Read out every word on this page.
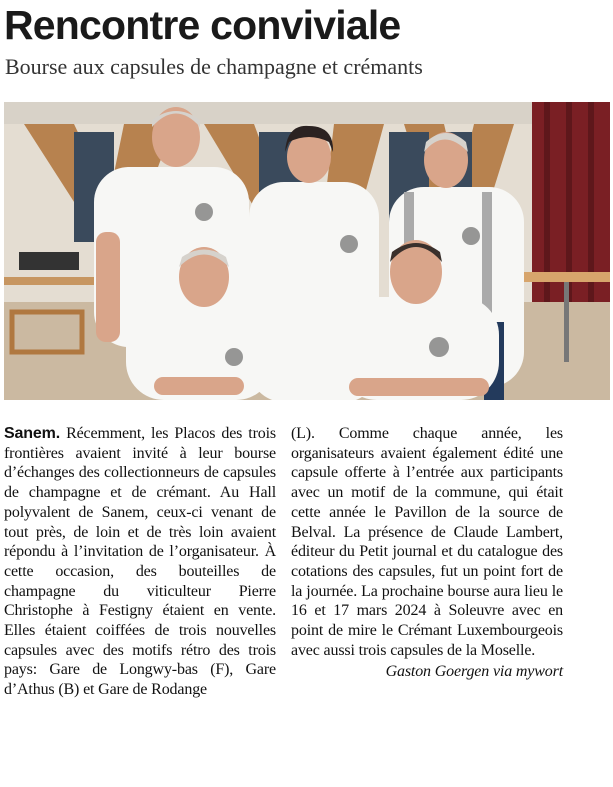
Rencontre conviviale
Bourse aux capsules de champagne et crémants
Sanem. Récemment, les Placos des trois frontières avaient invité à leur bourse d’échanges des collectionneurs de capsules de champagne et de crémant. Au Hall polyvalent de Sanem, ceux-ci venant de tout près, de loin et de très loin avaient répondu à l’invitation de l’organisateur. À cette occasion, des bouteilles de champagne du viticulteur Pierre Christophe à Festigny étaient en vente. Elles étaient coiffées de trois nouvelles capsules avec des motifs rétro des trois pays: Gare de Longwy-bas (F), Gare d’Athus (B) et Gare de Rodange
(L). Comme chaque année, les organisateurs avaient également édité une capsule offerte à l’entrée aux participants avec un motif de la commune, qui était cette année le Pavillon de la source de Belval. La présence de Claude Lambert, éditeur du Petit journal et du catalogue des cotations des capsules, fut un point fort de la journée. La prochaine bourse aura lieu le 16 et 17 mars 2024 à Soleuvre avec en point de mire le Crémant Luxembourgeois avec aussi trois capsules de la Moselle.
Gaston Goergen via mywort
